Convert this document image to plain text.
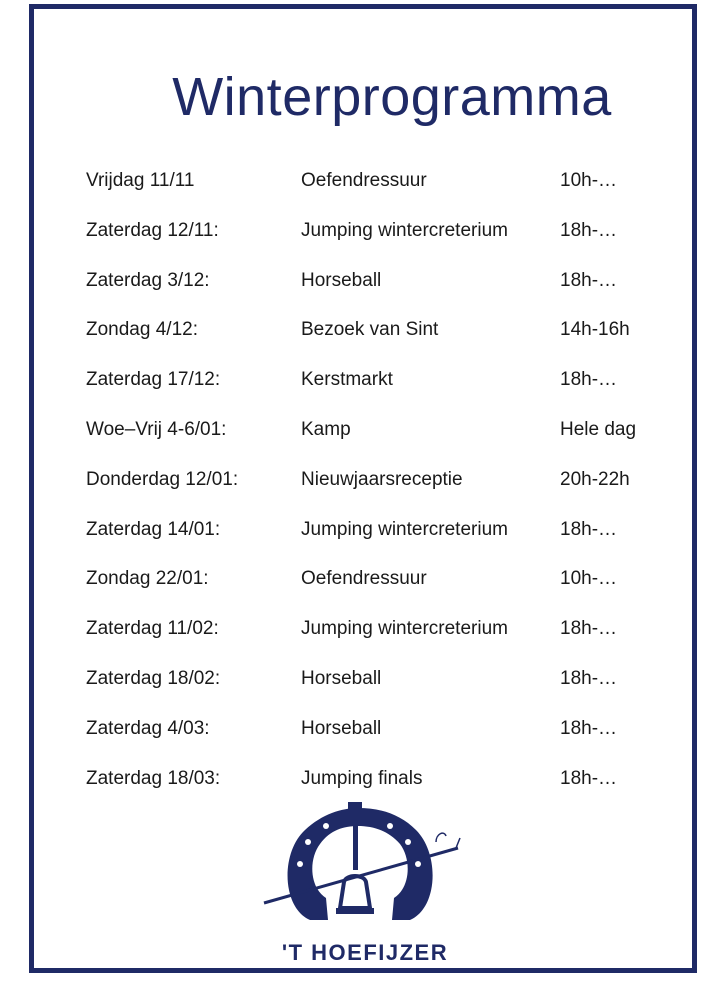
Winterprogramma
Vrijdag 11/11	Oefendressuur	10h-…
Zaterdag 12/11:	Jumping wintercreterium	18h-…
Zaterdag 3/12:	Horseball	18h-…
Zondag 4/12:	Bezoek van Sint	14h-16h
Zaterdag 17/12:	Kerstmarkt	18h-…
Woe–Vrij 4-6/01:	Kamp	Hele dag
Donderdag 12/01:	Nieuwjaarsreceptie	20h-22h
Zaterdag 14/01:	Jumping wintercreterium	18h-…
Zondag 22/01:	Oefendressuur	10h-…
Zaterdag 11/02:	Jumping wintercreterium	18h-…
Zaterdag 18/02:	Horseball	18h-…
Zaterdag 4/03:	Horseball	18h-…
Zaterdag 18/03:	Jumping finals	18h-…
'T HOEFIJZER
